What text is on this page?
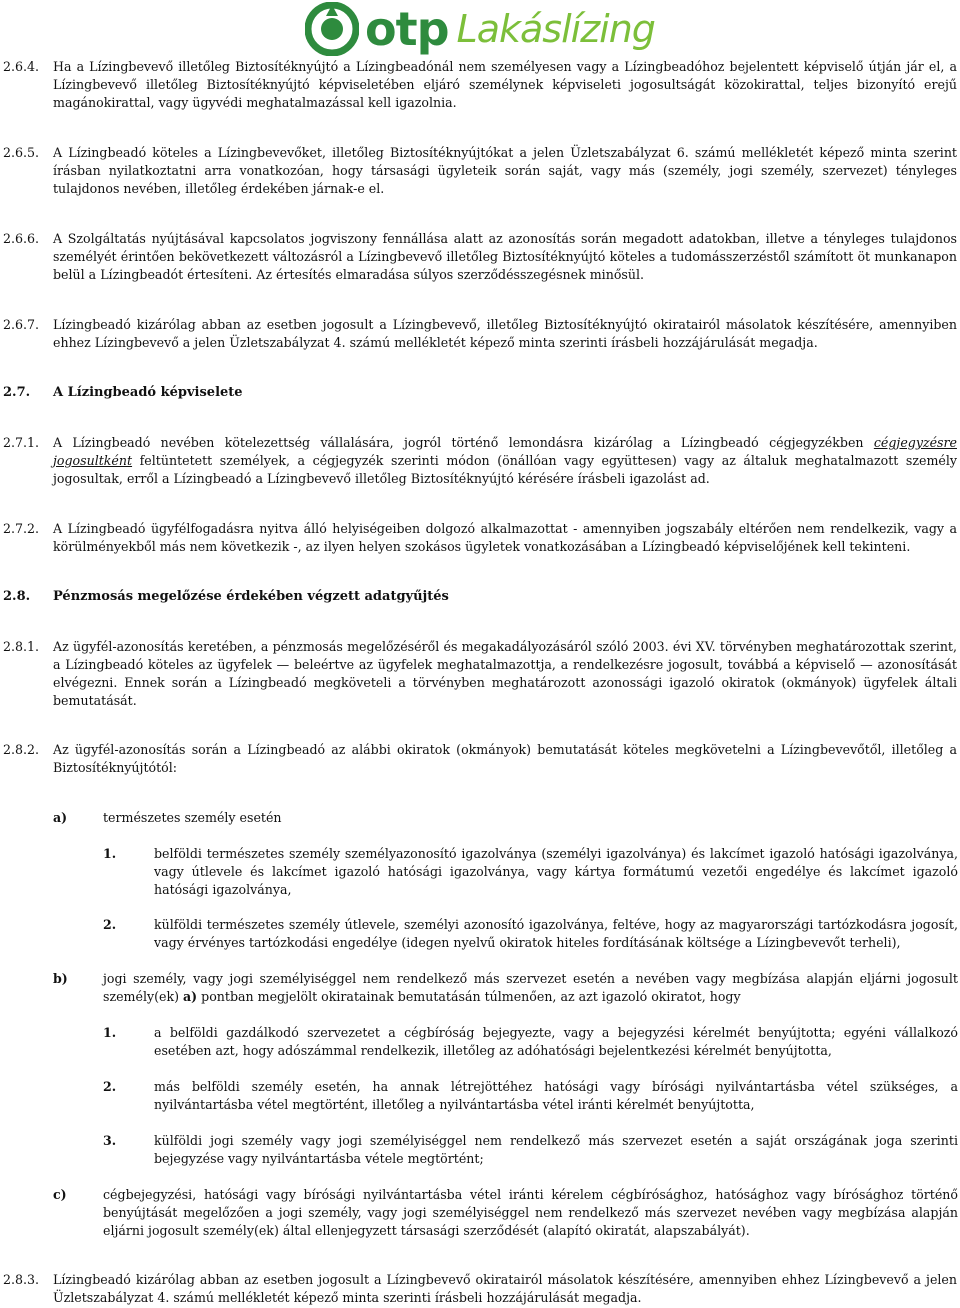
otp Lakáslízing
2.6.4. Ha a Lízingbevevő illetőleg Biztosítéknyújtó a Lízingbeadónál nem személyesen vagy a Lízingbeadóhoz bejelentett képviselő útján jár el, a Lízingbevevő illetőleg Biztosítéknyújtó képviseletében eljáró személynek képviseleti jogosultságát közokirattal, teljes bizonyító erejű magánokirattal, vagy ügyvédi meghatalmazással kell igazolnia.
2.6.5. A Lízingbeadó köteles a Lízingbevevőket, illetőleg Biztosítéknyújtókat a jelen Üzletszabályzat 6. számú mellékletét képező minta szerint írásban nyilatkoztatni arra vonatkozóan, hogy társasági ügyleteik során saját, vagy más (személy, jogi személy, szervezet) tényleges tulajdonos nevében, illetőleg érdekében járnak-e el.
2.6.6. A Szolgáltatás nyújtásával kapcsolatos jogviszony fennállása alatt az azonosítás során megadott adatokban, illetve a tényleges tulajdonos személyét érintően bekövetkezett változásról a Lízingbevevő illetőleg Biztosítéknyújtó köteles a tudomásszerzéstől számított öt munkanapon belül a Lízingbeadót értesíteni. Az értesítés elmaradása súlyos szerződésszegésnek minősül.
2.6.7. Lízingbeadó kizárólag abban az esetben jogosult a Lízingbevevő, illetőleg Biztosítéknyújtó okiratairól másolatok készítésére, amennyiben ehhez Lízingbevevő a jelen Üzletszabályzat 4. számú mellékletét képező minta szerinti írásbeli hozzájárulását megadja.
2.7. A Lízingbeadó képviselete
2.7.1. A Lízingbeadó nevében kötelezettség vállalására, jogról történő lemondásra kizárólag a Lízingbeadó cégjegyzékben cégjegyzésre jogosultként feltüntetett személyek, a cégjegyzék szerinti módon (önállóan vagy együttesen) vagy az általuk meghatalmazott személy jogosultak, erről a Lízingbeadó a Lízingbevevő illetőleg Biztosítéknyújtó kérésére írásbeli igazolást ad.
2.7.2. A Lízingbeadó ügyfélfogadásra nyitva álló helyiségeiben dolgozó alkalmazottat - amennyiben jogszabály eltérően nem rendelkezik, vagy a körülményekből más nem következik -, az ilyen helyen szokásos ügyletek vonatkozásában a Lízingbeadó képviselőjének kell tekinteni.
2.8. Pénzmosás megelőzése érdekében végzett adatgyűjtés
2.8.1. Az ügyfél-azonosítás keretében, a pénzmosás megelőzéséről és megakadályozásáról szóló 2003. évi XV. törvényben meghatározottak szerint, a Lízingbeadó köteles az ügyfelek — beleértve az ügyfelek meghatalmazottja, a rendelkezésre jogosult, továbbá a képviselő — azonosítását elvégezni. Ennek során a Lízingbeadó megköveteli a törvényben meghatározott azonossági igazoló okiratok (okmányok) ügyfelek általi bemutatását.
2.8.2. Az ügyfél-azonosítás során a Lízingbeadó az alábbi okiratok (okmányok) bemutatását köteles megkövetelni a Lízingbevevőtől, illetőleg a Biztosítéknyújtótól:
a)	természetes személy esetén
1.	belföldi természetes személy személyazonosító igazolványa (személyi igazolványa) és lakcímet igazoló hatósági igazolványa, vagy útlevele és lakcímet igazoló hatósági igazolványa, vagy kártya formátumú vezetői engedélye és lakcímet igazoló hatósági igazolványa,
2.	külföldi természetes személy útlevele, személyi azonosító igazolványa, feltéve, hogy az magyarországi tartózkodásra jogosít, vagy érvényes tartózkodási engedélye (idegen nyelvű okiratok hiteles fordításának költsége a Lízingbevevőt terheli),
b)	jogi személy, vagy jogi személyiséggel nem rendelkező más szervezet esetén a nevében vagy megbízása alapján eljárni jogosult személy(ek) a) pontban megjelölt okiratainak bemutatásán túlmenően, az azt igazoló okiratot, hogy
1.	a belföldi gazdálkodó szervezetet a cégbíróság bejegyezte, vagy a bejegyzési kérelmét benyújtotta; egyéni vállalkozó esetében azt, hogy adószámmal rendelkezik, illetőleg az adóhatósági bejelentkezési kérelmét benyújtotta,
2.	más belföldi személy esetén, ha annak létrejöttéhez hatósági vagy bírósági nyilvántartásba vétel szükséges, a nyilvántartásba vétel megtörtént, illetőleg a nyilvántartásba vétel iránti kérelmét benyújtotta,
3.	külföldi jogi személy vagy jogi személyiséggel nem rendelkező más szervezet esetén a saját országának joga szerinti bejegyzése vagy nyilvántartásba vétele megtörtént;
c)	cégbejegyzési, hatósági vagy bírósági nyilvántartásba vétel iránti kérelem cégbírósághoz, hatósághoz vagy bírósághoz történő benyújtását megelőzően a jogi személy, vagy jogi személyiséggel nem rendelkező más szervezet nevében vagy megbízása alapján eljárni jogosult személy(ek) által ellenjegyzett társasági szerződését (alapító okiratát, alapszabályát).
2.8.3. Lízingbeadó kizárólag abban az esetben jogosult a Lízingbevevő okiratairól másolatok készítésére, amennyiben ehhez Lízingbevevő a jelen Üzletszabályzat 4. számú mellékletét képező minta szerinti írásbeli hozzájárulását megadja.
